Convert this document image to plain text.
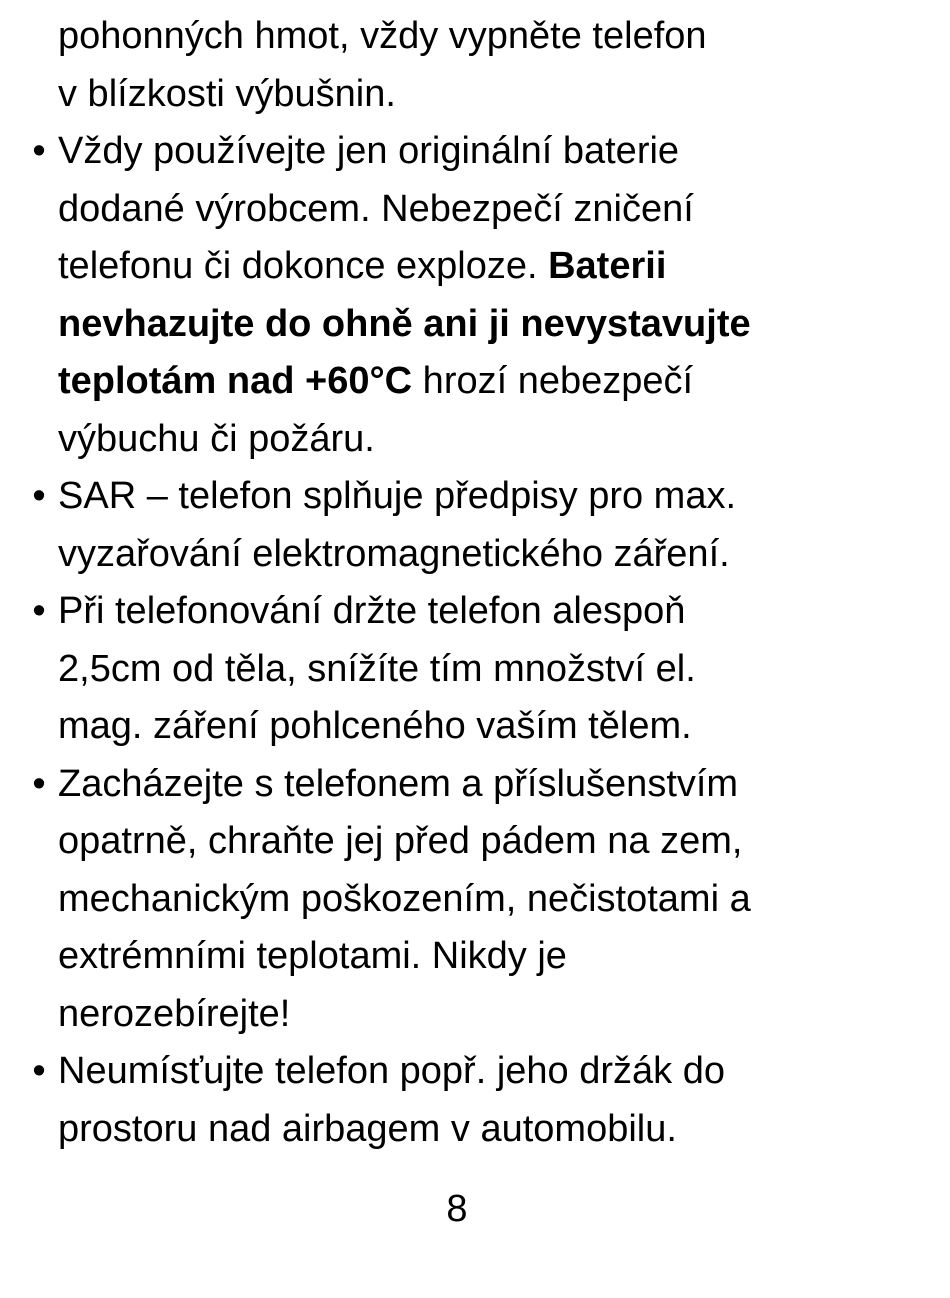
pohonných hmot, vždy vypněte telefon
v blízkosti výbušnin.
• Vždy používejte jen originální baterie
dodané výrobcem. Nebezpečí zničení
telefonu či dokonce exploze. Baterii
nevhazujte do ohně ani ji nevystavujte
teplotám nad +60°C hrozí nebezpečí
výbuchu či požáru.
• SAR – telefon splňuje předpisy pro max.
vyzařování elektromagnetického záření.
• Při telefonování držte telefon alespoň
2,5cm od těla, snížíte tím množství el.
mag. záření pohlceného vaším tělem.
• Zacházejte s telefonem a příslušenstvím
opatrně, chraňte jej před pádem na zem,
mechanickým poškozením, nečistotami a
extrémními teplotami. Nikdy je
nerozebírejte!
• Neumísťujte telefon popř. jeho držák do
prostoru nad airbagem v automobilu.
8
